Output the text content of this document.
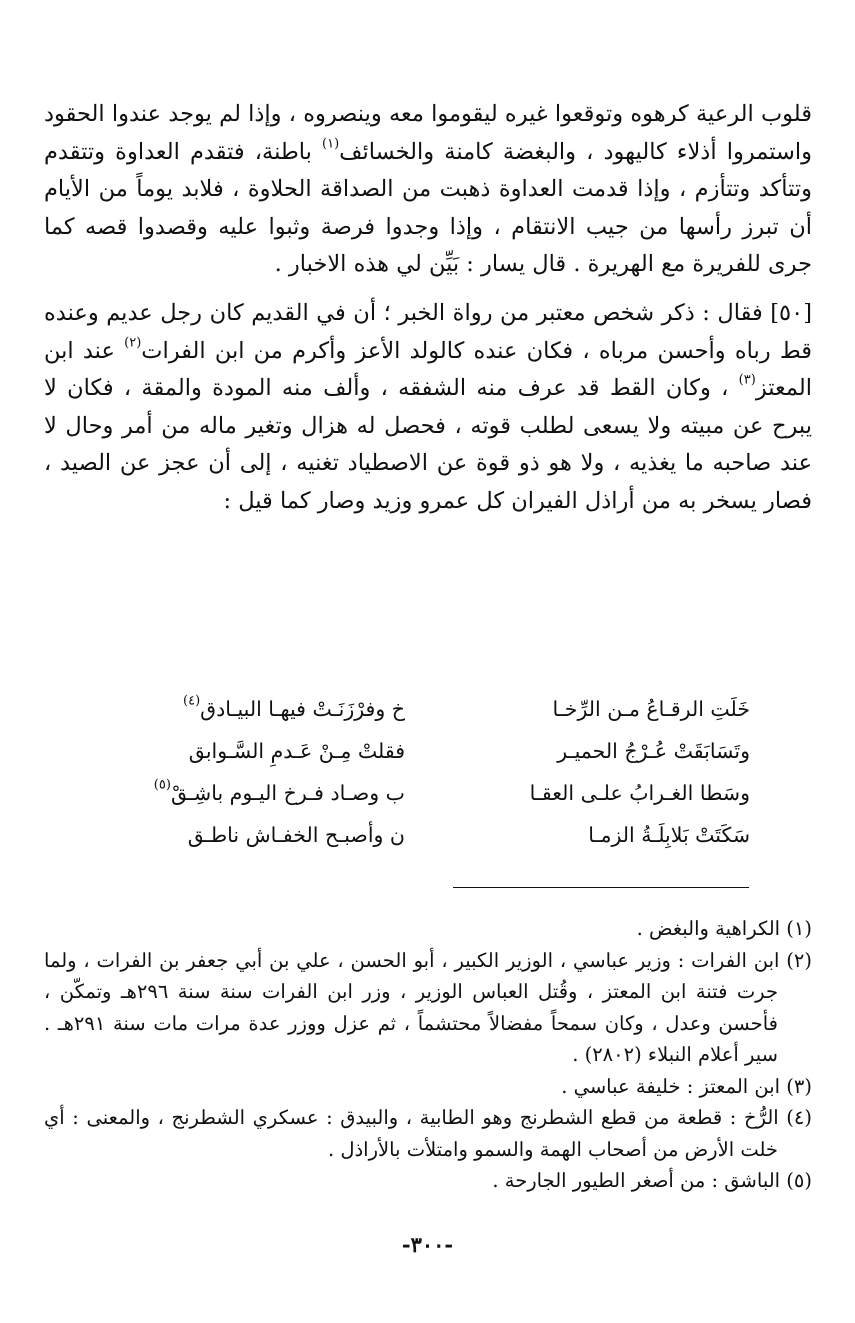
قلوب الرعية كرهوه وتوقعوا غيره ليقوموا معه وينصروه ، وإذا لم يوجد عندوا الحقود واستمروا أذلاء كاليهود ، والبغضة كامنة والخسائف$^{(١)}$ باطنة، فتقدم العداوة وتتقدم وتتأكد وتتأزم ، وإذا قدمت العداوة ذهبت من الصداقة الحلاوة ، فلابد يوماً من الأيام أن تبرز رأسها من جيب الانتقام ، وإذا وجدوا فرصة وثبوا عليه وقصدوا قصه كما جرى للفريرة مع الهريرة . قال يسار : بَيِّن لي هذه الاخبار .

[٥٠] فقال : ذكر شخص معتبر من رواة الخبر ؛ أن في القديم كان رجل عديم وعنده قط رباه وأحسن مرباه ، فكان عنده كالولد الأعز وأكرم من ابن الفرات$^{(٢)}$ عند ابن المعتز$^{(٣)}$ ، وكان القط قد عرف منه الشفقه ، وألف منه المودة والمقة ، فكان لا يبرح عن مبيته ولا يسعى لطلب قوته ، فحصل له هزال وتغير ماله من أمر وحال لا عند صاحبه ما يغذيه ، ولا هو ذو قوة عن الاصطياد تغنيه ، إلى أن عجز عن الصيد ، فصار يسخر به من أراذل الفيران كل عمرو وزيد وصار كما قيل :

خَلَتِ الرقـاعُ مـن الرِّخـا
خ وفرْزَنَـتْ فيهـا البيـادق$^{(٤)}$
وتَسَابَقَتْ عُـرْجُ الحميـر
فقلتْ مِـنْ عَـدمِ السَّـوابق
وسَطا الغـرابُ علـى العقـا
ب وصـاد فـرخ اليـوم باشِـقْ$^{(٥)}$
سَكَتَتْ بَلابِلَـةُ الزمـا
ن وأصبـح الخفـاش ناطـق

(١) الكراهية والبغض .

(٢) ابن الفرات : وزير عباسي ، الوزير الكبير ، أبو الحسن ، علي بن أبي جعفر بن الفرات ، ولما جرت فتنة ابن المعتز ، وقُتل العباس الوزير ، وزر ابن الفرات سنة سنة ٢٩٦هـ وتمكّن ، فأحسن وعدل ، وكان سمحاً مفضالاً محتشماً ، ثم عزل ووزر عدة مرات مات سنة ٢٩١هـ . سير أعلام النبلاء (٢٨٠٢) .

(٣) ابن المعتز : خليفة عباسي .

(٤) الرُّخ : قطعة من قطع الشطرنج وهو الطابية ، والبيدق : عسكري الشطرنج ، والمعنى : أي خلت الأرض من أصحاب الهمة والسمو وامتلأت بالأراذل .

(٥) الباشق : من أصغر الطيور الجارحة .

-٣٠٠-
